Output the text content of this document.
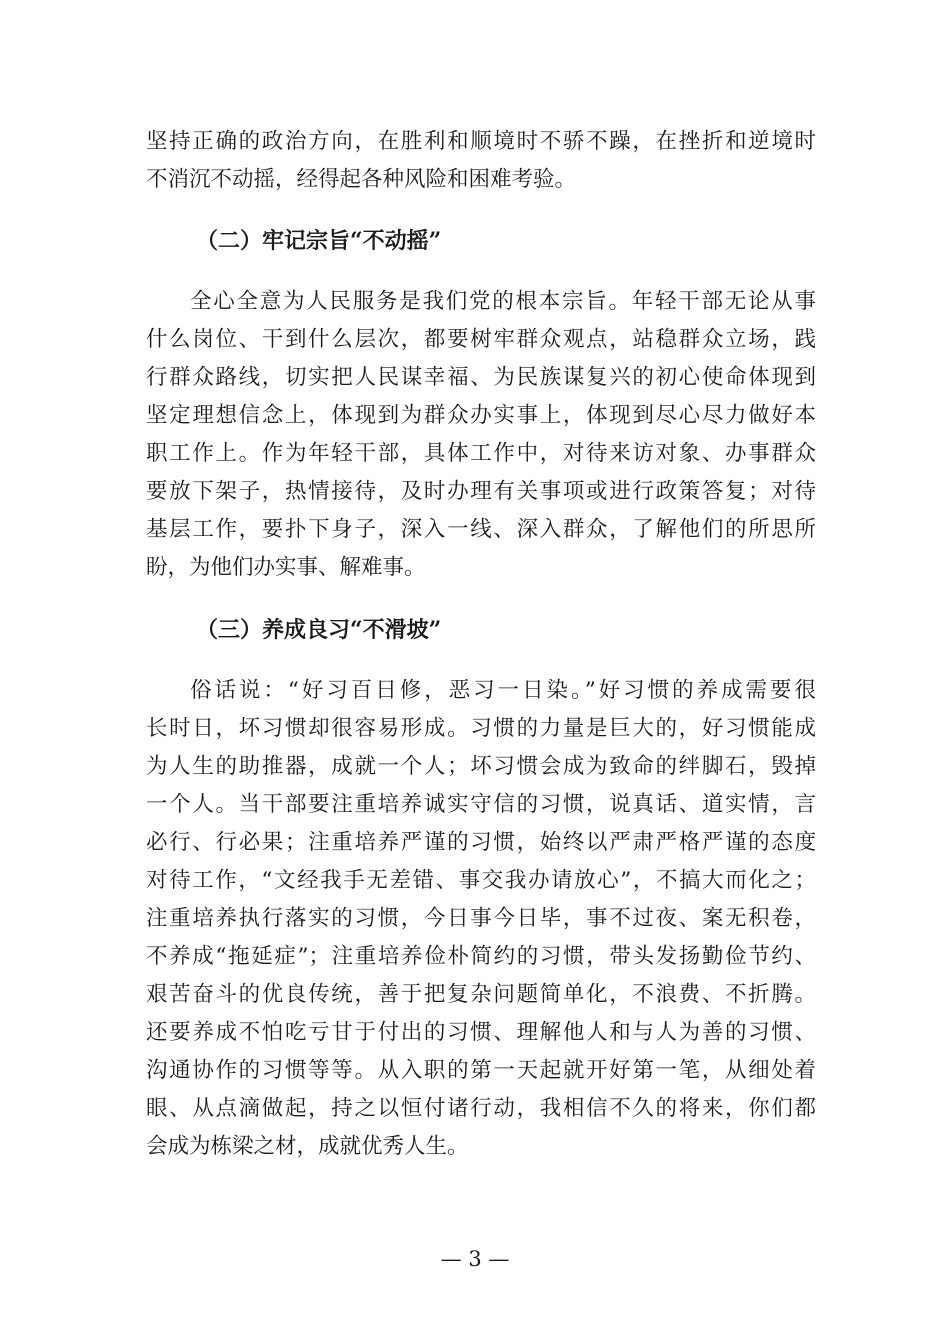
坚持正确的政治方向，在胜利和顺境时不骄不躁，在挫折和逆境时
不消沉不动摇，经得起各种风险和困难考验。
（二）牢记宗旨“不动摇”
全心全意为人民服务是我们党的根本宗旨。年轻干部无论从事
什么岗位、干到什么层次，都要树牢群众观点，站稳群众立场，践
行群众路线，切实把人民谋幸福、为民族谋复兴的初心使命体现到
坚定理想信念上，体现到为群众办实事上，体现到尽心尽力做好本
职工作上。作为年轻干部，具体工作中，对待来访对象、办事群众
要放下架子，热情接待，及时办理有关事项或进行政策答复；对待
基层工作，要扑下身子，深入一线、深入群众，了解他们的所思所
盼，为他们办实事、解难事。
（三）养成良习“不滑坡”
俗话说：“好习百日修，恶习一日染。”好习惯的养成需要很
长时日，坏习惯却很容易形成。习惯的力量是巨大的，好习惯能成
为人生的助推器，成就一个人；坏习惯会成为致命的绊脚石，毁掉
一个人。当干部要注重培养诚实守信的习惯，说真话、道实情，言
必行、行必果；注重培养严谨的习惯，始终以严肃严格严谨的态度
对待工作，“文经我手无差错、事交我办请放心”，不搞大而化之；
注重培养执行落实的习惯，今日事今日毕，事不过夜、案无积卷，
不养成“拖延症”；注重培养俭朴简约的习惯，带头发扬勤俭节约、
艰苦奋斗的优良传统，善于把复杂问题简单化，不浪费、不折腾。
还要养成不怕吃亏甘于付出的习惯、理解他人和与人为善的习惯、
沟通协作的习惯等等。从入职的第一天起就开好第一笔，从细处着
眼、从点滴做起，持之以恒付诸行动，我相信不久的将来，你们都
会成为栋梁之材，成就优秀人生。
— 3 —
